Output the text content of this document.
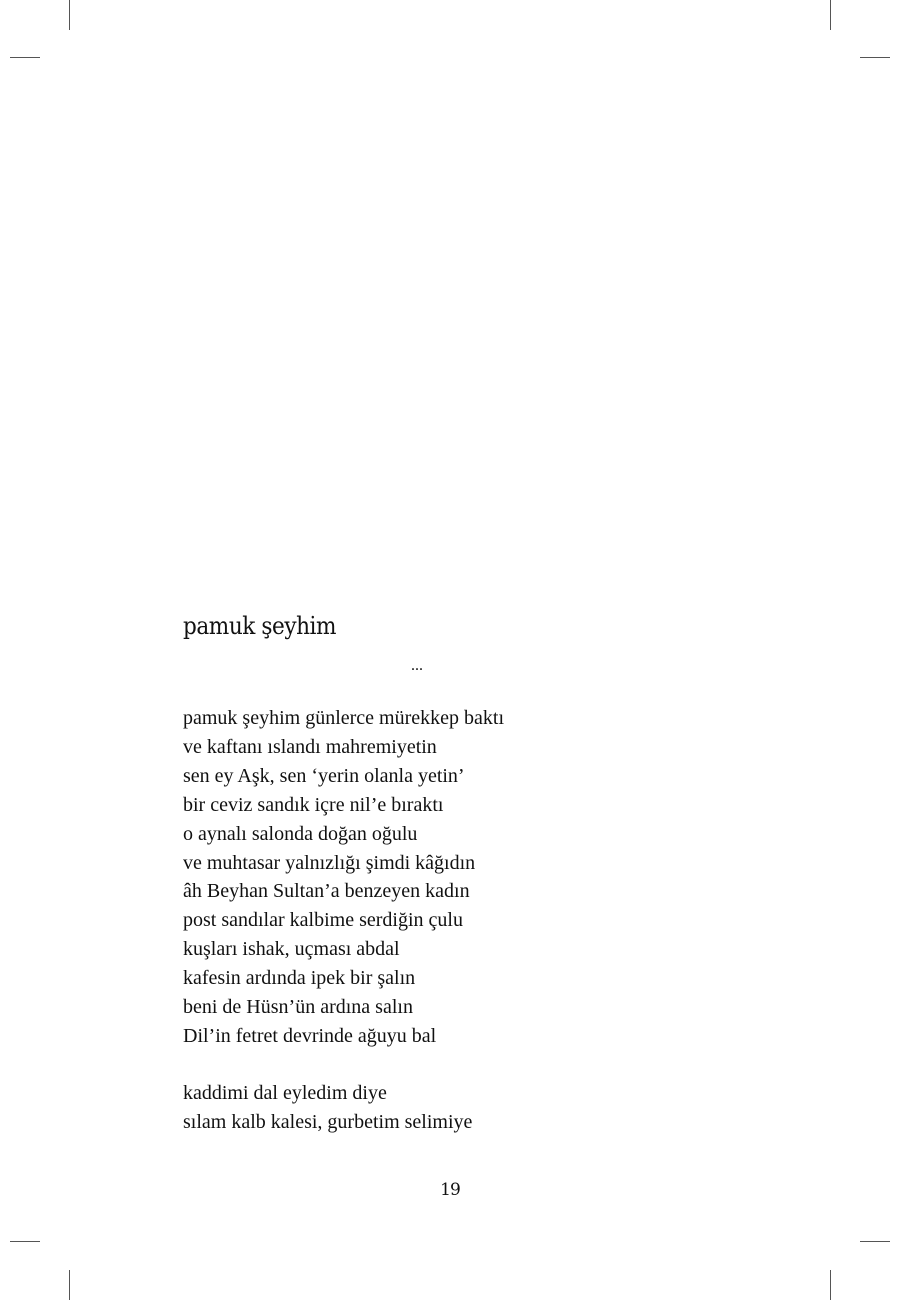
pamuk şeyhim

...

pamuk şeyhim günlerce mürekkep baktı
ve kaftanı ıslandı mahremiyetin
sen ey Aşk, sen ‘yerin olanla yetin’
bir ceviz sandık içre nil’e bıraktı
o aynalı salonda doğan oğulu
ve muhtasar yalnızlığı şimdi kâğıdın
âh Beyhan Sultan’a benzeyen kadın
post sandılar kalbime serdiğin çulu
kuşları ishak, uçması abdal
kafesin ardında ipek bir şalın
beni de Hüsn’ün ardına salın
Dil’in fetret devrinde ağuyu bal
kaddimi dal eyledim diye
sılam kalb kalesi, gurbetim selimiye
19
